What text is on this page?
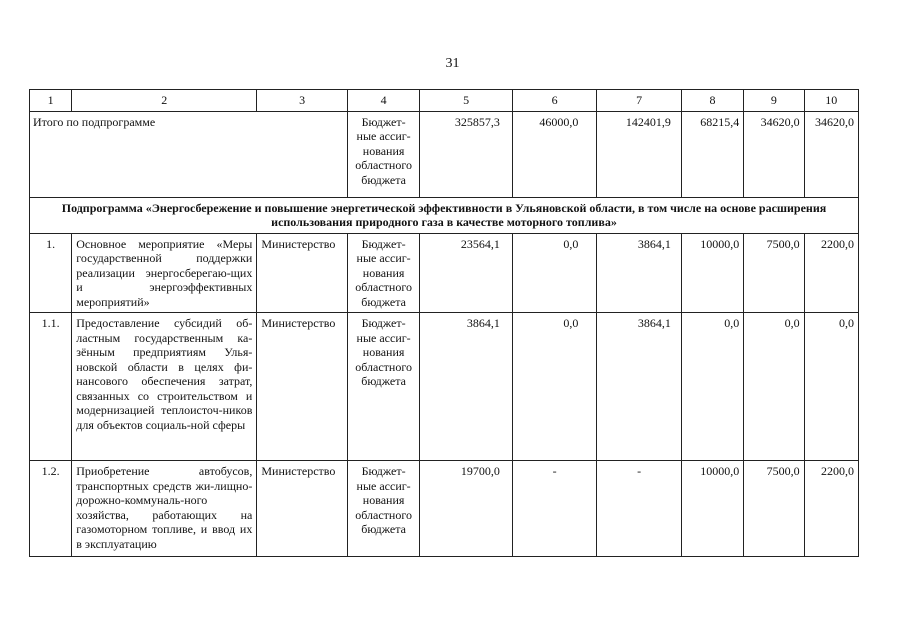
31
1	2	3	4	5	6	7	8	9	10
Итого по подпрограмме			Бюджет-ные ассиг-нования областного бюджета	325857,3	46000,0	142401,9	68215,4	34620,0	34620,0
Подпрограмма «Энергосбережение и повышение энергетической эффективности в Ульяновской области, в том числе на основе расширения использования природного газа в качестве моторного топлива»									
1.	Основное мероприятие «Меры государственной поддержки реализации энергосберегаю-щих и энергоэффективных мероприятий»	Министерство	Бюджет-ные ассиг-нования областного бюджета	23564,1	0,0	3864,1	10000,0	7500,0	2200,0
1.1.	Предоставление субсидий об-ластным государственным ка-зённым предприятиям Улья-новской области в целях фи-нансового обеспечения затрат, связанных со строительством и модернизацией теплоисточ-ников для объектов социаль-ной сферы	Министерство	Бюджет-ные ассиг-нования областного бюджета	3864,1	0,0	3864,1	0,0	0,0	0,0
1.2.	Приобретение автобусов, транспортных средств жи-лищно-дорожно-коммуналь-ного хозяйства, работающих на газомоторном топливе, и ввод их в эксплуатацию	Министерство	Бюджет-ные ассиг-нования областного бюджета	19700,0	-	-	10000,0	7500,0	2200,0
